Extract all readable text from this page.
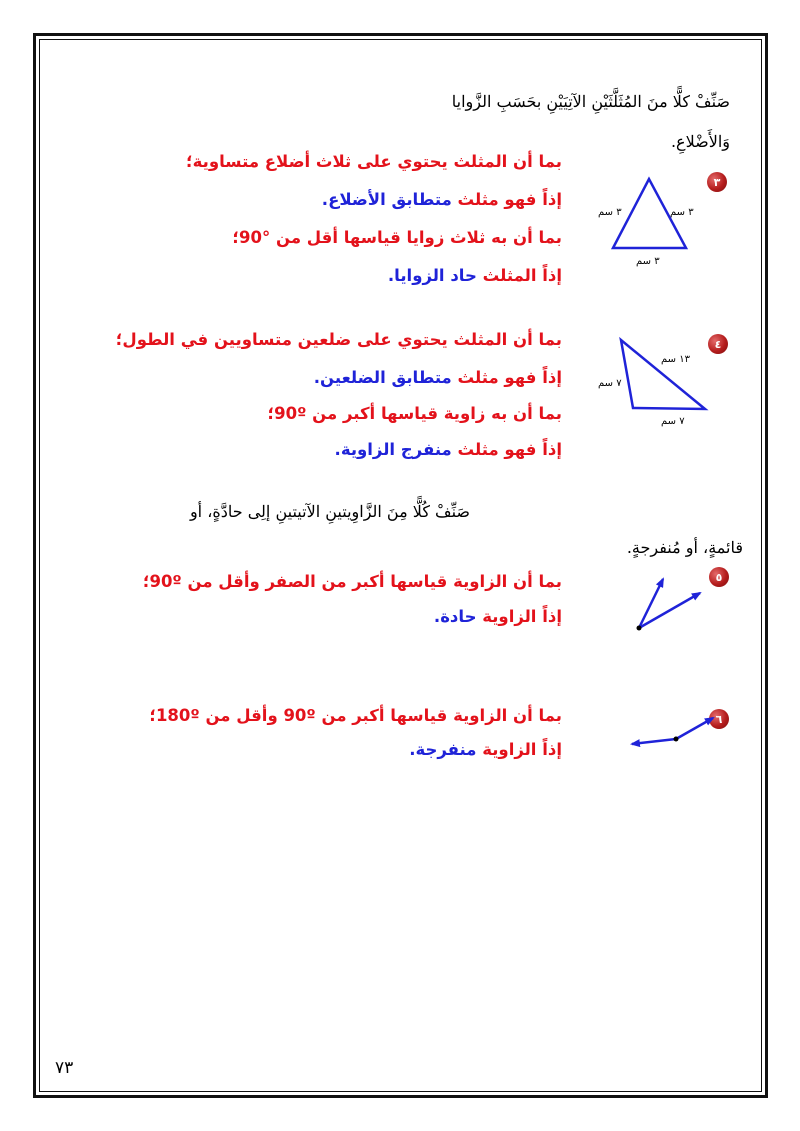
صَنِّفْ كلًّا منَ المُثَلَّثَيْنِ الآتِيَيْنِ بحَسَبِ الزَّوايا
وَالأَضْلاعِ.
٣
بما أن المثلث يحتوي على ثلاث أضلاع متساوية؛
إذاً فهو مثلث متطابق الأضلاع.
بما أن به ثلاث زوايا قياسها أقل من °90؛
إذاً المثلث حاد الزوايا.
٤
بما أن المثلث يحتوي على ضلعين متساويين في الطول؛
إذاً فهو مثلث متطابق الضلعين.
بما أن به زاوية قياسها أكبر من 90º؛
إذاً فهو مثلث منفرج الزاوية.
صَنِّفْ كُلًّا مِنَ الزَّاوِيتينِ الآتيتينِ إلِى حادَّةٍ، أو
قائمةٍ، أو مُنفرجةٍ.
٥
بما أن الزاوية قياسها أكبر من الصفر وأقل من 90º؛
إذاً الزاوية حادة.
٦
بما أن الزاوية قياسها أكبر من 90º وأقل من 180º؛
إذاً الزاوية منفرجة.
٣ سم	٣ سم
٣ سم
١٣ سم
٧ سم
٧ سم
٧٣
